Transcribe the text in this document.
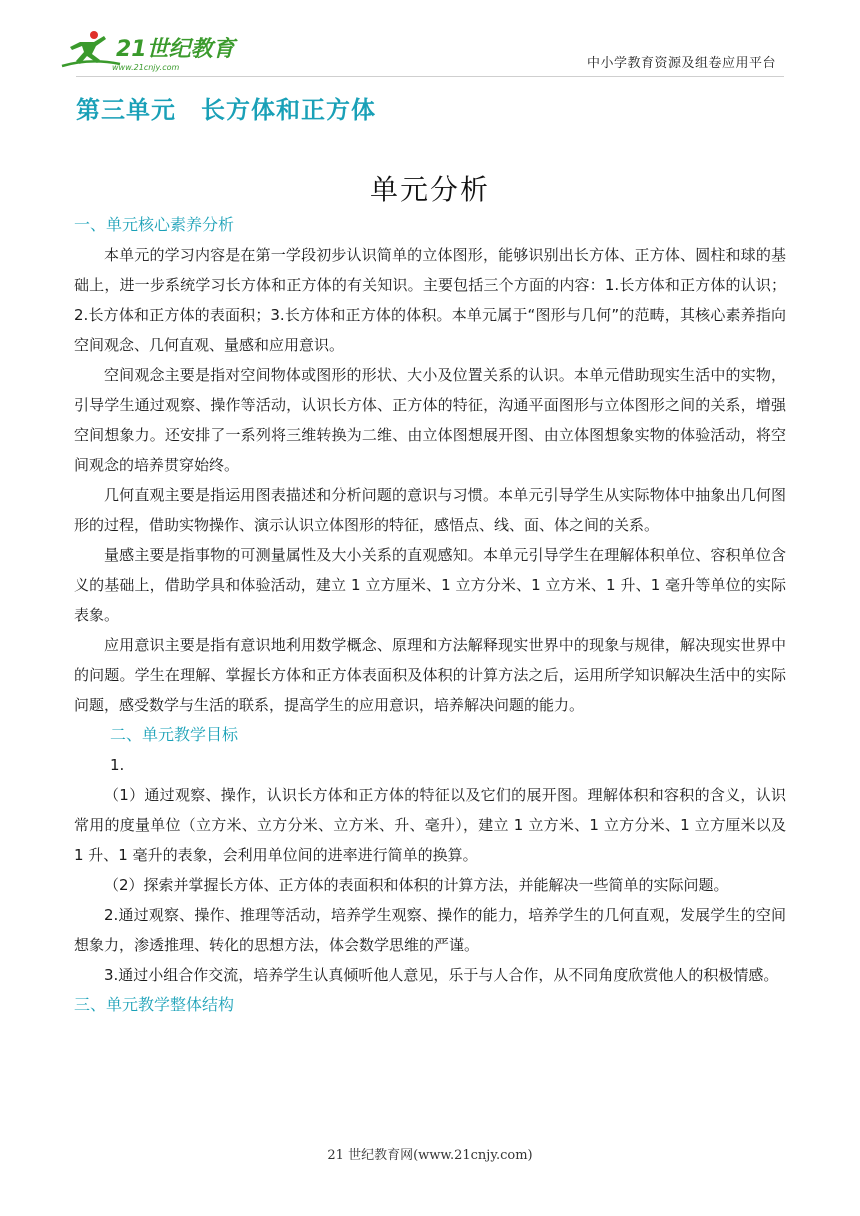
21世纪教育
www.21cnjy.com	中小学教育资源及组卷应用平台
第三单元　长方体和正方体
单元分析

一、单元核心素养分析

本单元的学习内容是在第一学段初步认识简单的立体图形，能够识别出长方体、正方体、圆柱和球的基础上，进一步系统学习长方体和正方体的有关知识。主要包括三个方面的内容：1.长方体和正方体的认识；2.长方体和正方体的表面积；3.长方体和正方体的体积。本单元属于“图形与几何”的范畴，其核心素养指向空间观念、几何直观、量感和应用意识。

空间观念主要是指对空间物体或图形的形状、大小及位置关系的认识。本单元借助现实生活中的实物，引导学生通过观察、操作等活动，认识长方体、正方体的特征，沟通平面图形与立体图形之间的关系，增强空间想象力。还安排了一系列将三维转换为二维、由立体图想展开图、由立体图想象实物的体验活动，将空间观念的培养贯穿始终。

几何直观主要是指运用图表描述和分析问题的意识与习惯。本单元引导学生从实际物体中抽象出几何图形的过程，借助实物操作、演示认识立体图形的特征，感悟点、线、面、体之间的关系。

量感主要是指事物的可测量属性及大小关系的直观感知。本单元引导学生在理解体积单位、容积单位含义的基础上，借助学具和体验活动，建立 1 立方厘米、1 立方分米、1 立方米、1 升、1 毫升等单位的实际表象。

应用意识主要是指有意识地利用数学概念、原理和方法解释现实世界中的现象与规律，解决现实世界中的问题。学生在理解、掌握长方体和正方体表面积及体积的计算方法之后，运用所学知识解决生活中的实际问题，感受数学与生活的联系，提高学生的应用意识，培养解决问题的能力。

二、单元教学目标

1.

（1）通过观察、操作，认识长方体和正方体的特征以及它们的展开图。理解体积和容积的含义，认识常用的度量单位（立方米、立方分米、立方米、升、毫升），建立 1 立方米、1 立方分米、1 立方厘米以及 1 升、1 毫升的表象，会利用单位间的进率进行简单的换算。

（2）探索并掌握长方体、正方体的表面积和体积的计算方法，并能解决一些简单的实际问题。

2.通过观察、操作、推理等活动，培养学生观察、操作的能力，培养学生的几何直观，发展学生的空间想象力，渗透推理、转化的思想方法，体会数学思维的严谨。

3.通过小组合作交流，培养学生认真倾听他人意见，乐于与人合作，从不同角度欣赏他人的积极情感。

三、单元教学整体结构

21 世纪教育网(www.21cnjy.com)
